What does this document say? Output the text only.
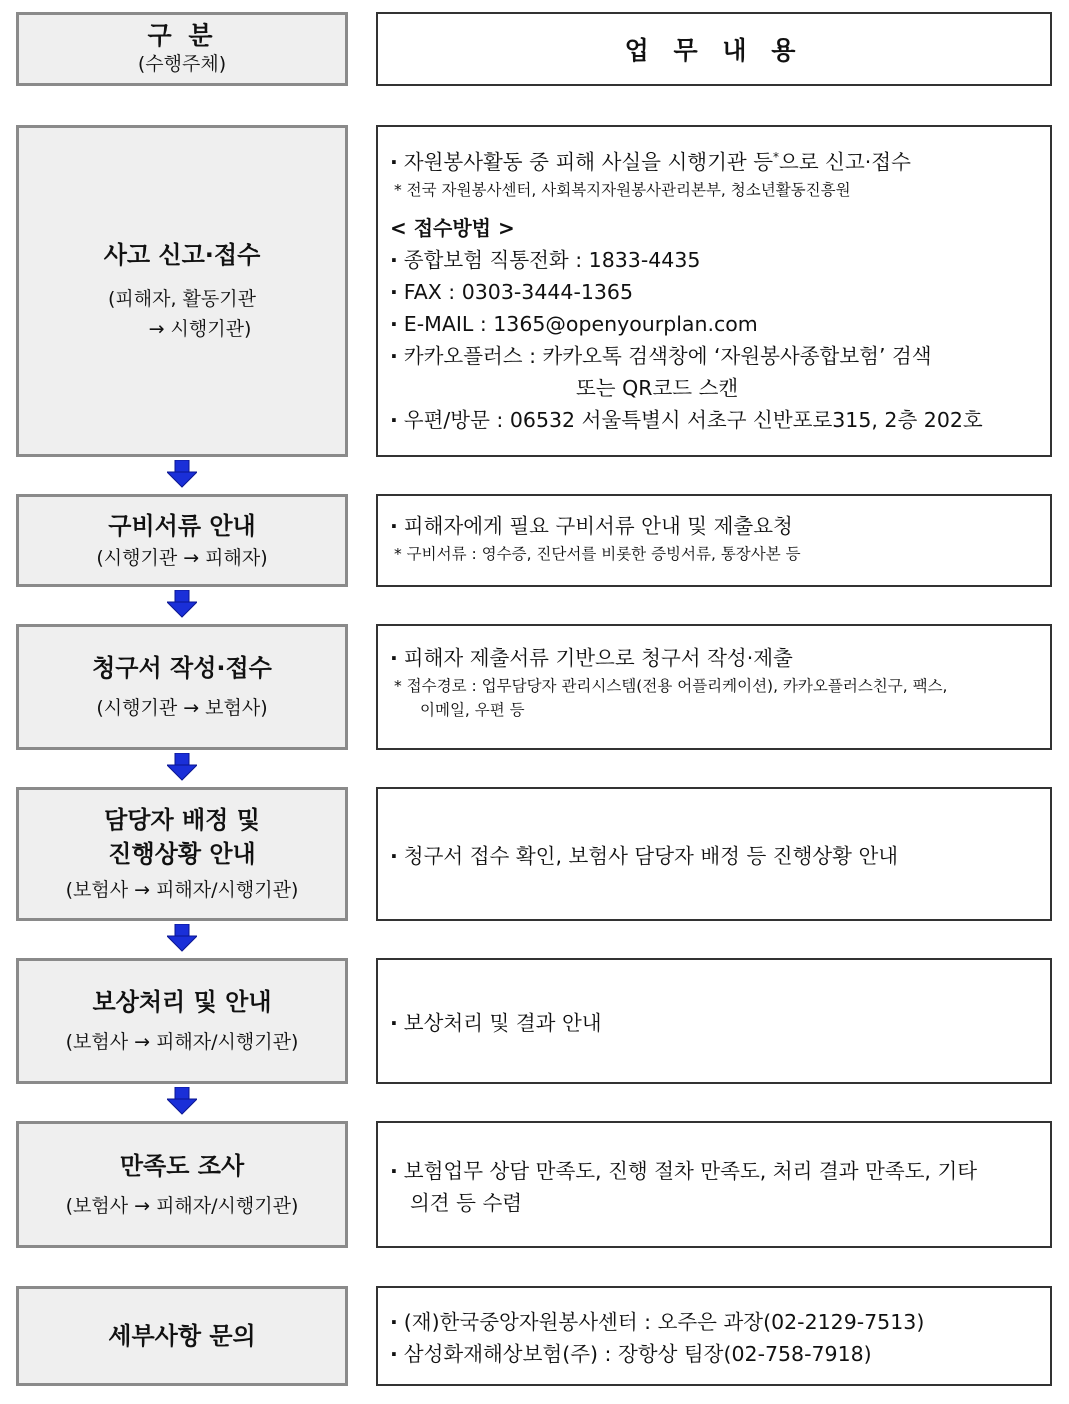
구 분
(수행주체)	업 무 내 용
사고 신고·접수
(피해자, 활동기관
→ 시행기관)
· 자원봉사활동 중 피해 사실을 시행기관 등*으로 신고·접수
* 전국 자원봉사센터, 사회복지자원봉사관리본부, 청소년활동진흥원
< 접수방법 >
· 종합보험 직통전화 : 1833-4435
· FAX : 0303-3444-1365
· E-MAIL : 1365@openyourplan.com
· 카카오플러스 : 카카오톡 검색창에 ‘자원봉사종합보험’ 검색
또는 QR코드 스캔
· 우편/방문 : 06532 서울특별시 서초구 신반포로315, 2층 202호
구비서류 안내
(시행기관 → 피해자)
· 피해자에게 필요 구비서류 안내 및 제출요청
* 구비서류 : 영수증, 진단서를 비롯한 증빙서류, 통장사본 등
청구서 작성·접수
(시행기관 → 보험사)
· 피해자 제출서류 기반으로 청구서 작성·제출
* 접수경로 : 업무담당자 관리시스템(전용 어플리케이션), 카카오플러스친구, 팩스,
이메일, 우편 등
담당자 배정 및
진행상황 안내
(보험사 → 피해자/시행기관)
· 청구서 접수 확인, 보험사 담당자 배정 등 진행상황 안내
보상처리 및 안내
(보험사 → 피해자/시행기관)
· 보상처리 및 결과 안내
만족도 조사
(보험사 → 피해자/시행기관)
· 보험업무 상담 만족도, 진행 절차 만족도, 처리 결과 만족도, 기타
의견 등 수렴
세부사항 문의
·	(재)한국중앙자원봉사센터 : 오주은 과장(02-2129-7513)
· 삼성화재해상보험(주) : 장항상 팀장(02-758-7918)
